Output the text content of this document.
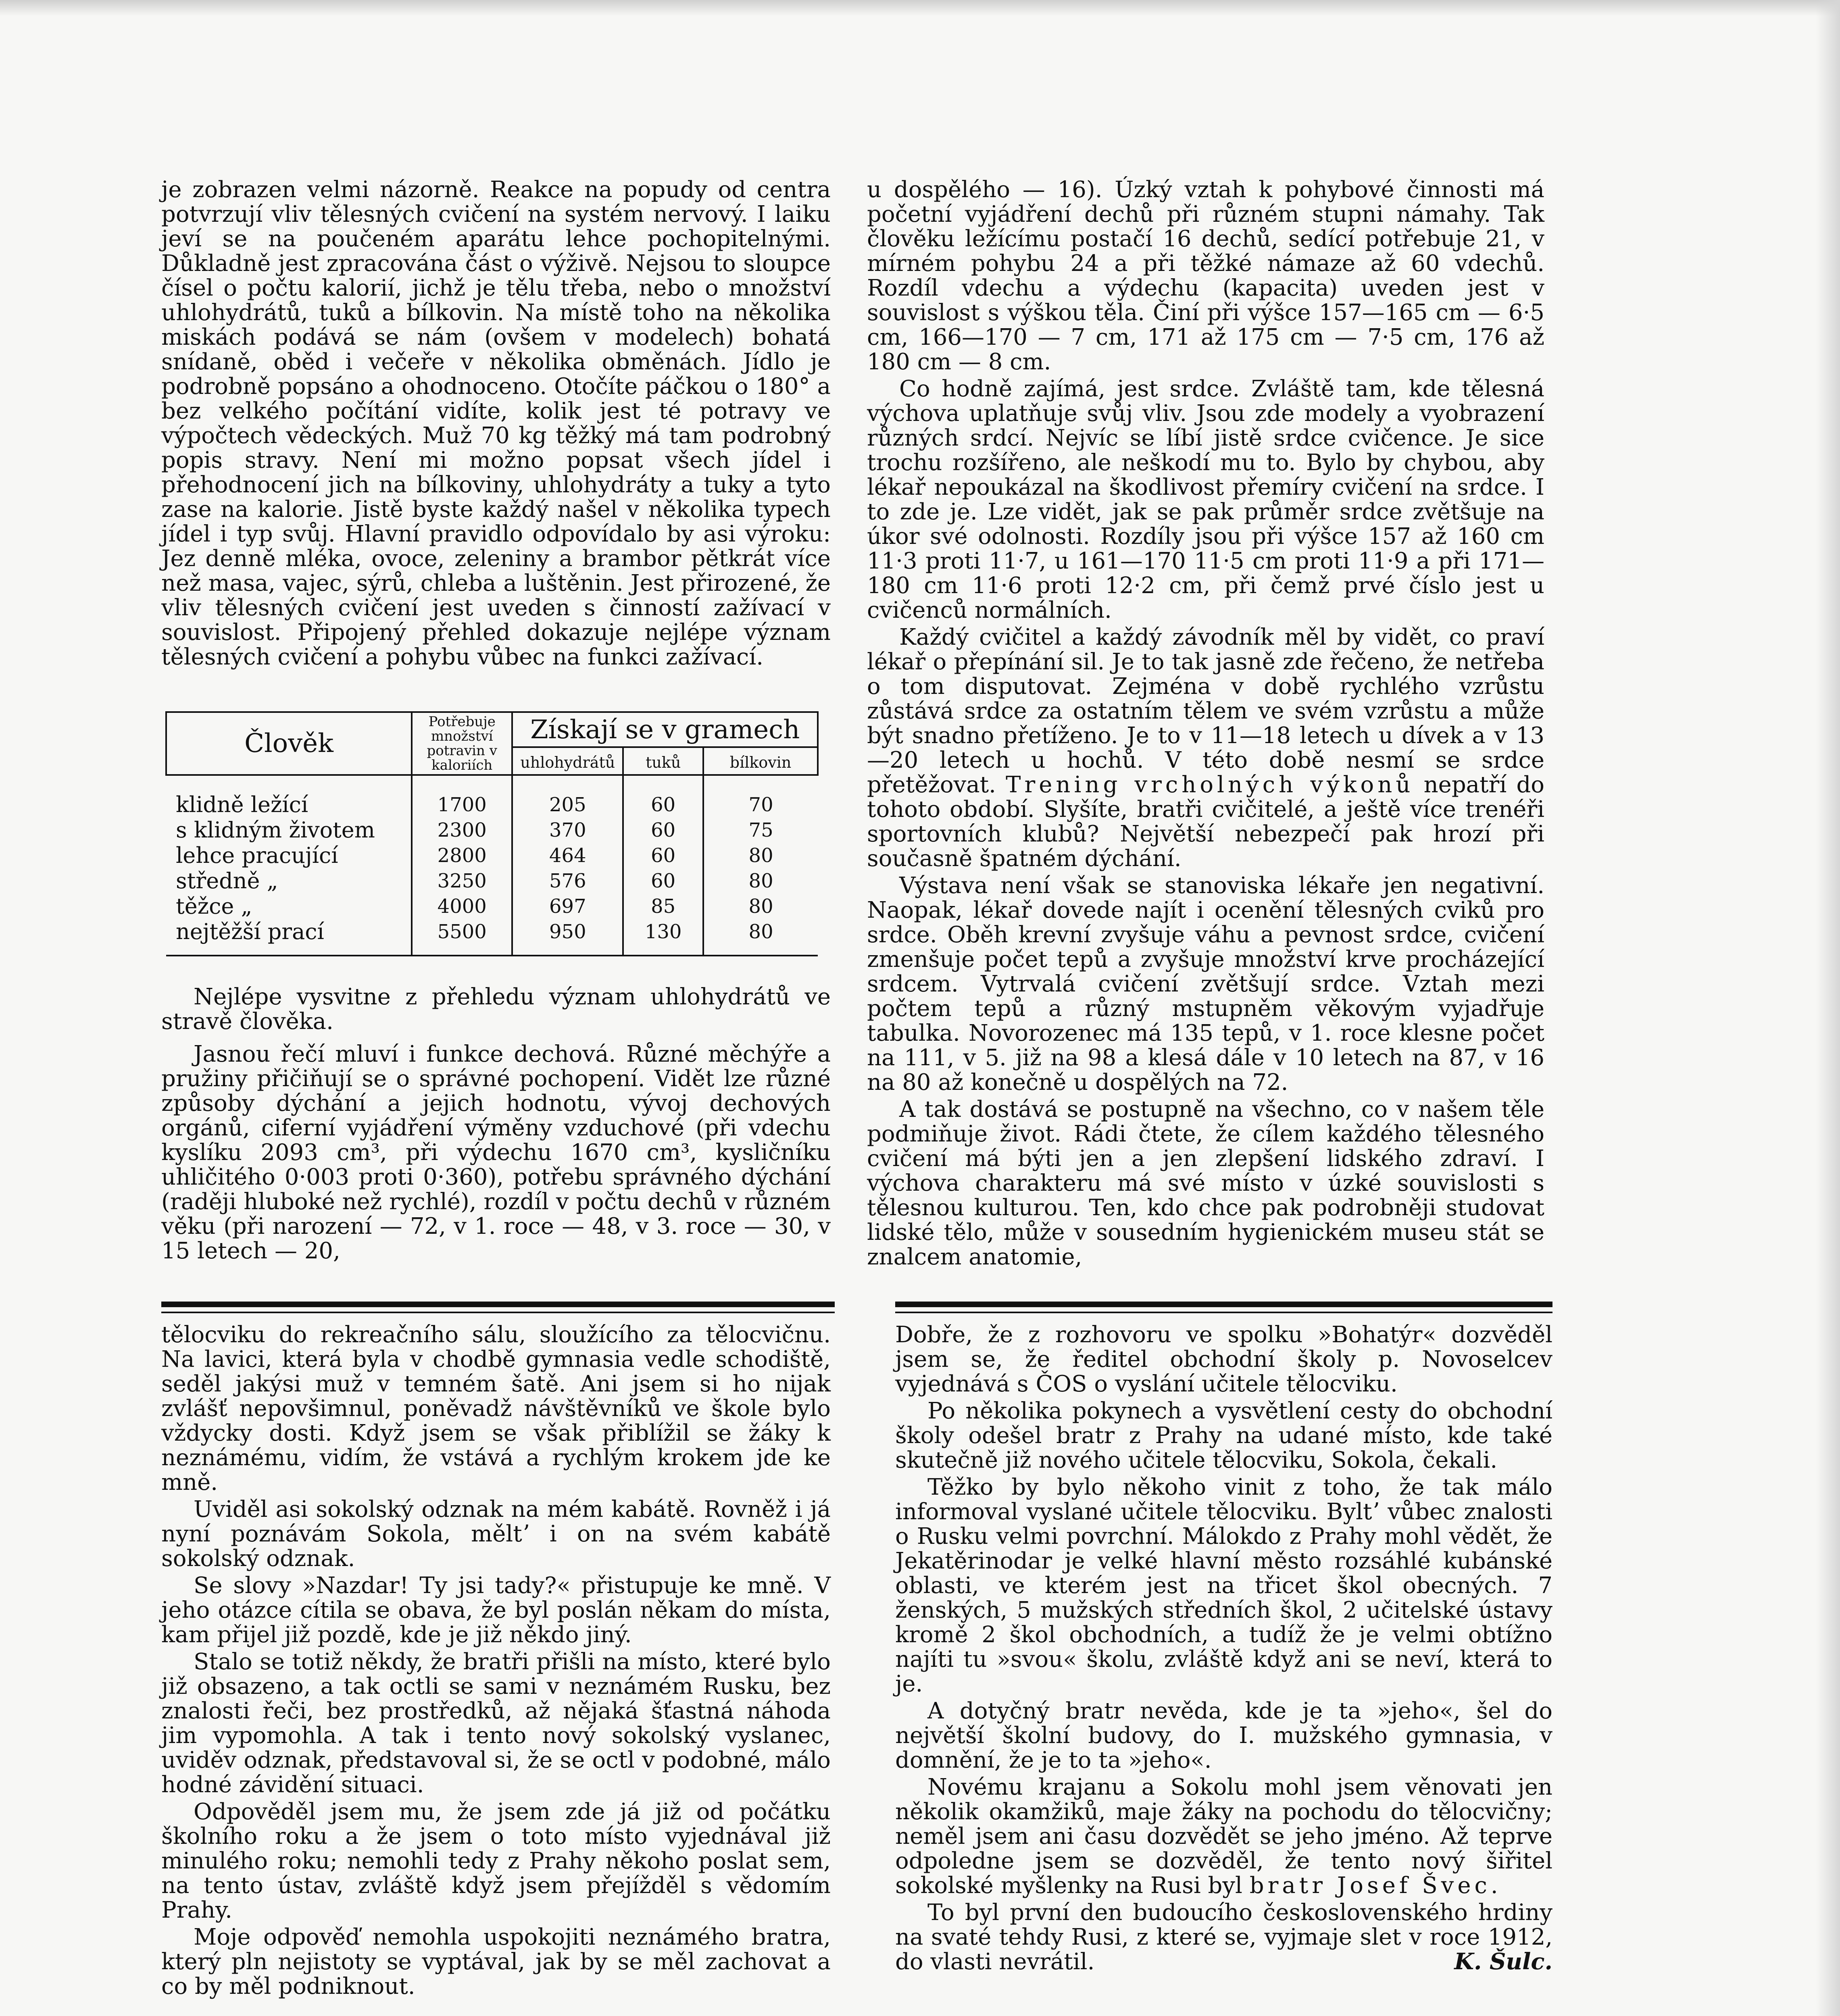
je zobrazen velmi názorně. Reakce na popudy od centra potvrzují vliv tělesných cvičení na systém nervový. I laiku jeví se na poučeném aparátu lehce pochopitelnými. Důkladně jest zpracována část o výživě. Nejsou to sloupce čísel o počtu kalorií, jichž je tělu třeba, nebo o množství uhlohydrátů, tuků a bílkovin. Na místě toho na několika miskách podává se nám (ovšem v modelech) bohatá snídaně, oběd i večeře v několika obměnách. Jídlo je podrobně popsáno a ohodnoceno. Otočíte páčkou o 180° a bez velkého počítání vidíte, kolik jest té potravy ve výpočtech vědeckých. Muž 70 kg těžký má tam podrobný popis stravy. Není mi možno popsat všech jídel i přehodnocení jich na bílkoviny, uhlohydráty a tuky a tyto zase na kalorie. Jistě byste každý našel v několika typech jídel i typ svůj. Hlavní pravidlo odpovídalo by asi výroku: Jez denně mléka, ovoce, zeleniny a brambor pětkrát více než masa, vajec, sýrů, chleba a luštěnin. Jest přirozené, že vliv tělesných cvičení jest uveden s činností zažívací v souvislost. Připojený přehled dokazuje nejlépe význam tělesných cvičení a pohybu vůbec na funkci zažívací.

Člověk	Potřebuje množství potravin v kaloriích	Získají se v gramech		
		uhlohydrátů	tuků	bílkovin
klidně ležící	1700	205	60	70
s klidným životem	2300	370	60	75
lehce pracující	2800	464	60	80
středně „	3250	576	60	80
těžce „	4000	697	85	80
nejtěžší prací	5500	950	130	80

Nejlépe vysvitne z přehledu význam uhlohydrátů ve stravě člověka.

Jasnou řečí mluví i funkce dechová. Různé měchýře a pružiny přičiňují se o správné pochopení. Vidět lze různé způsoby dýchání a jejich hodnotu, vývoj dechových orgánů, ciferní vyjádření výměny vzduchové (při vdechu kyslíku 2093 cm³, při výdechu 1670 cm³, kysličníku uhličitého 0·003 proti 0·360), potřebu správného dýchání (raději hluboké než rychlé), rozdíl v počtu dechů v různém věku (při narození — 72, v 1. roce — 48, v 3. roce — 30, v 15 letech — 20,

u dospělého — 16). Úzký vztah k pohybové činnosti má početní vyjádření dechů při různém stupni námahy. Tak člověku ležícímu postačí 16 dechů, sedící potřebuje 21, v mírném pohybu 24 a při těžké námaze až 60 vdechů. Rozdíl vdechu a výdechu (kapacita) uveden jest v souvislost s výškou těla. Činí při výšce 157—165 cm — 6·5 cm, 166—170 — 7 cm, 171 až 175 cm — 7·5 cm, 176 až 180 cm — 8 cm.

Co hodně zajímá, jest srdce. Zvláště tam, kde tělesná výchova uplatňuje svůj vliv. Jsou zde modely a vyobrazení různých srdcí. Nejvíc se líbí jistě srdce cvičence. Je sice trochu rozšířeno, ale neškodí mu to. Bylo by chybou, aby lékař nepoukázal na škodlivost přemíry cvičení na srdce. I to zde je. Lze vidět, jak se pak průměr srdce zvětšuje na úkor své odolnosti. Rozdíly jsou při výšce 157 až 160 cm 11·3 proti 11·7, u 161—170 11·5 cm proti 11·9 a při 171—180 cm 11·6 proti 12·2 cm, při čemž prvé číslo jest u cvičenců normálních.

Každý cvičitel a každý závodník měl by vidět, co praví lékař o přepínání sil. Je to tak jasně zde řečeno, že netřeba o tom disputovat. Zejména v době rychlého vzrůstu zůstává srdce za ostatním tělem ve svém vzrůstu a může být snadno přetíženo. Je to v 11—18 letech u dívek a v 13—20 letech u hochů. V této době nesmí se srdce přetěžovat. Trening vrcholných výkonů nepatří do tohoto období. Slyšíte, bratři cvičitelé, a ještě více trenéři sportovních klubů? Největší nebezpečí pak hrozí při současně špatném dýchání.

Výstava není však se stanoviska lékaře jen negativní. Naopak, lékař dovede najít i ocenění tělesných cviků pro srdce. Oběh krevní zvyšuje váhu a pevnost srdce, cvičení zmenšuje počet tepů a zvyšuje množství krve procházející srdcem. Vytrvalá cvičení zvětšují srdce. Vztah mezi počtem tepů a různý mstupněm věkovým vyjadřuje tabulka. Novorozenec má 135 tepů, v 1. roce klesne počet na 111, v 5. již na 98 a klesá dále v 10 letech na 87, v 16 na 80 až konečně u dospělých na 72.

A tak dostává se postupně na všechno, co v našem těle podmiňuje život. Rádi čtete, že cílem každého tělesného cvičení má býti jen a jen zlepšení lidského zdraví. I výchova charakteru má své místo v úzké souvislosti s tělesnou kulturou. Ten, kdo chce pak podrobněji studovat lidské tělo, může v sousedním hygienickém museu stát se znalcem anatomie,

tělocviku do rekreačního sálu, sloužícího za tělocvičnu. Na lavici, která byla v chodbě gymnasia vedle schodiště, seděl jakýsi muž v temném šatě. Ani jsem si ho nijak zvlášť nepovšimnul, poněvadž návštěvníků ve škole bylo vždycky dosti. Když jsem se však přiblížil se žáky k neznámému, vidím, že vstává a rychlým krokem jde ke mně.

Uviděl asi sokolský odznak na mém kabátě. Rovněž i já nyní poznávám Sokola, měltʼ i on na svém kabátě sokolský odznak.

Se slovy »Nazdar! Ty jsi tady?« přistupuje ke mně. V jeho otázce cítila se obava, že byl poslán někam do místa, kam přijel již pozdě, kde je již někdo jiný.

Stalo se totiž někdy, že bratři přišli na místo, které bylo již obsazeno, a tak octli se sami v neznámém Rusku, bez znalosti řeči, bez prostředků, až nějaká šťastná náhoda jim vypomohla. A tak i tento nový sokolský vyslanec, uviděv odznak, představoval si, že se octl v podobné, málo hodné závidění situaci.

Odpověděl jsem mu, že jsem zde já již od počátku školního roku a že jsem o toto místo vyjednával již minulého roku; nemohli tedy z Prahy někoho poslat sem, na tento ústav, zvláště když jsem přejížděl s vědomím Prahy.

Moje odpověď nemohla uspokojiti neznámého bratra, který pln nejistoty se vyptával, jak by se měl zachovat a co by měl podniknout.

Dobře, že z rozhovoru ve spolku »Bohatýr« dozvěděl jsem se, že ředitel obchodní školy p. Novoselcev vyjednává s ČOS o vyslání učitele tělocviku.

Po několika pokynech a vysvětlení cesty do obchodní školy odešel bratr z Prahy na udané místo, kde také skutečně již nového učitele tělocviku, Sokola, čekali.

Těžko by bylo někoho vinit z toho, že tak málo informoval vyslané učitele tělocviku. Byltʼ vůbec znalosti o Rusku velmi povrchní. Málokdo z Prahy mohl vědět, že Jekatěrinodar je velké hlavní město rozsáhlé kubánské oblasti, ve kterém jest na třicet škol obecných. 7 ženských, 5 mužských středních škol, 2 učitelské ústavy kromě 2 škol obchodních, a tudíž že je velmi obtížno najíti tu »svou« školu, zvláště když ani se neví, která to je.

A dotyčný bratr nevěda, kde je ta »jeho«, šel do největší školní budovy, do I. mužského gymnasia, v domnění, že je to ta »jeho«.

Novému krajanu a Sokolu mohl jsem věnovati jen několik okamžiků, maje žáky na pochodu do tělocvičny; neměl jsem ani času dozvědět se jeho jméno. Až teprve odpoledne jsem se dozvěděl, že tento nový šiřitel sokolské myšlenky na Rusi byl bratr Josef Švec.

To byl první den budoucího československého hrdiny na svaté tehdy Rusi, z které se, vyjmaje slet v roce 1912, do vlasti nevrátil.	K. Šulc.
